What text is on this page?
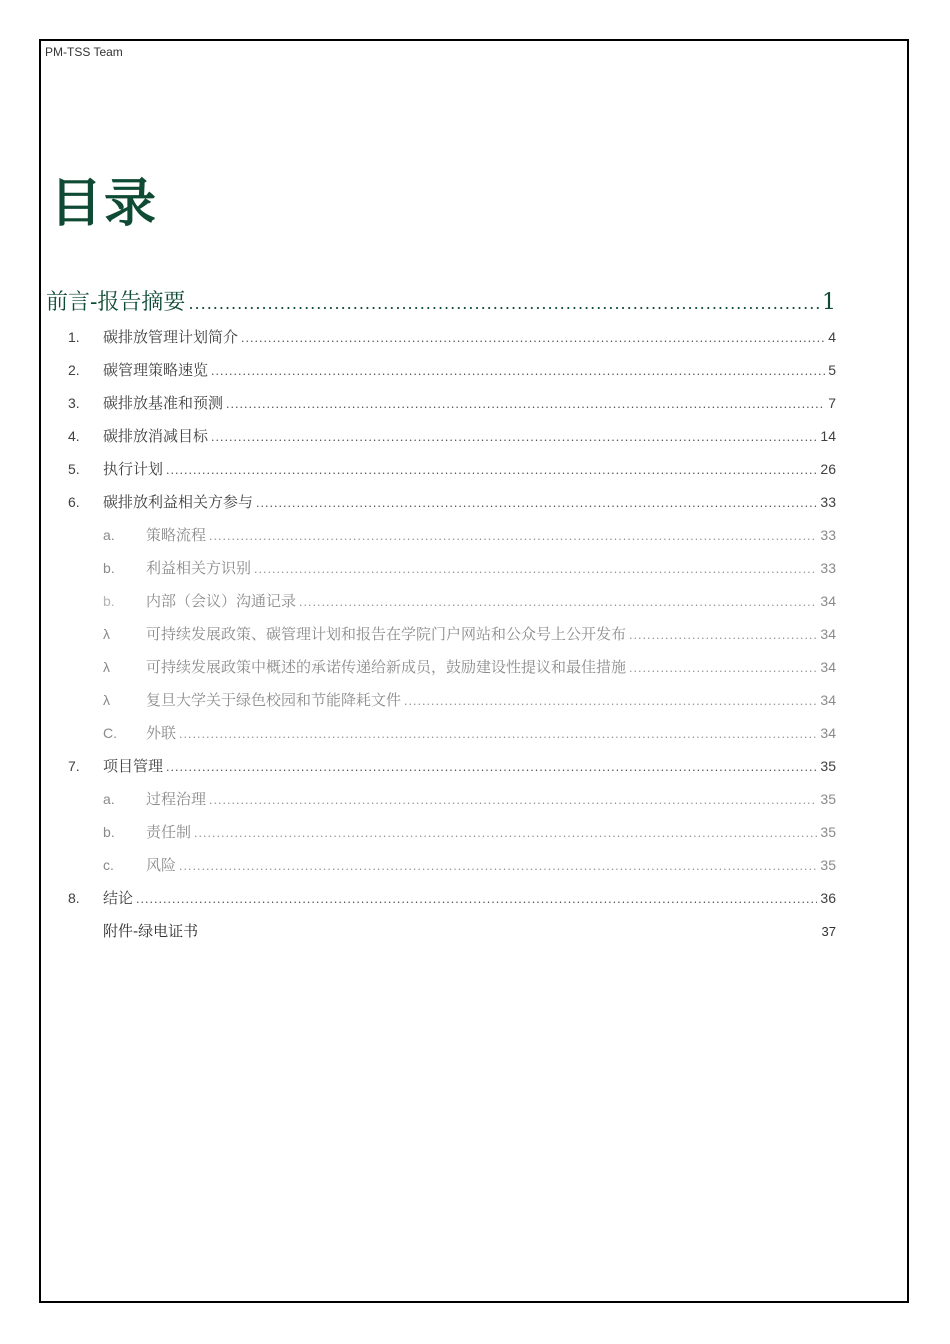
PM-TSS Team
目录
前言-报告摘要 .....	1
1.	碳排放管理计划简介 .....	4
2.	碳管理策略速览 .....	5
3.	碳排放基准和预测 .....	7
4.	碳排放消减目标 .....	14
5.	执行计划 .....	26
6.	碳排放利益相关方参与 .....	33
a.	策略流程 .....	33
b.	利益相关方识别 .....	33
b.	内部（会议）沟通记录 .....	34
λ	可持续发展政策、碳管理计划和报告在学院门户网站和公众号上公开发布 .....	34
λ	可持续发展政策中概述的承诺传递给新成员，鼓励建设性提议和最佳措施 .....	34
λ	复旦大学关于绿色校园和节能降耗文件 .....	34
C.	外联 .....	34
7.	项目管理 .....	35
a.	过程治理 .....	35
b.	责任制 .....	35
c.	风险 .....	35
8.	结论 .....	36
附件-绿电证书	37
